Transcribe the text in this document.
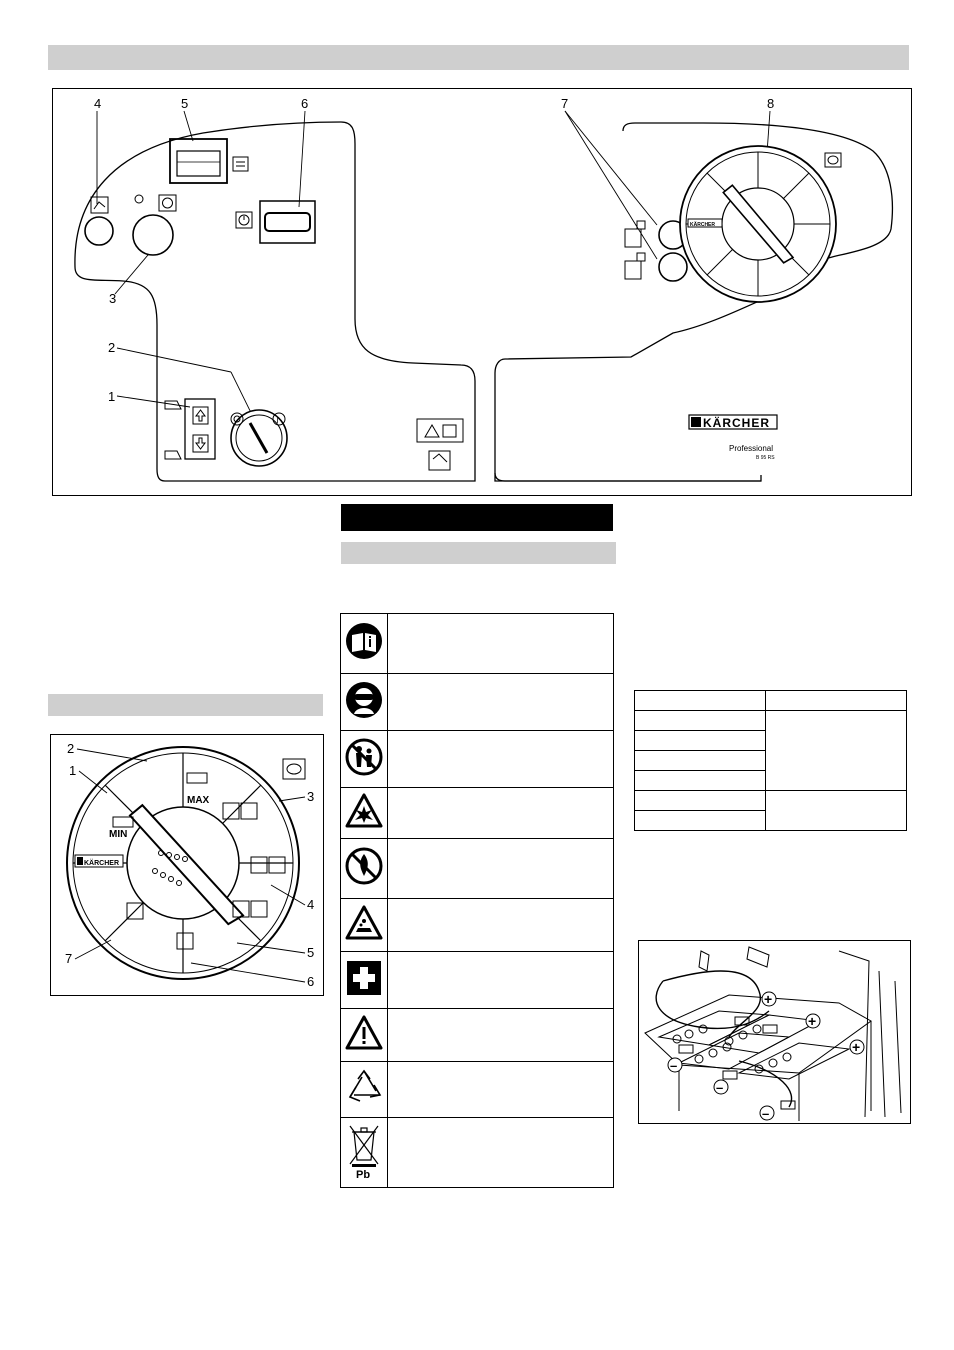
4	5	6	7	8
3
2
1
I
KÄRCHER
KÄRCHER
Professional
B 95 RS
KÄRCHER
MIN
MAX
2
1
3
4
5
6
7

Pb	

+
+
+
–
–
–
